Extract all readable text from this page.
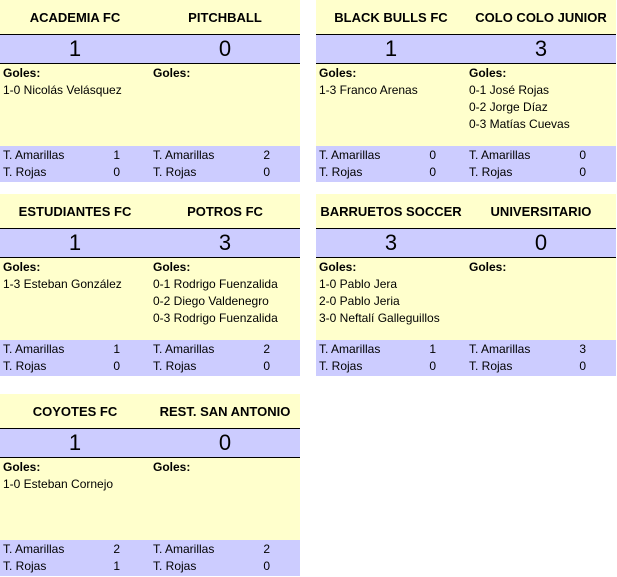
ACADEMIA FC	PITCHBALL
1	0
Goles:
1-0 Nicolás Velásquez
Goles:
T. Amarillas	1
T. Rojas	0
T. Amarillas	2
T. Rojas	0
BLACK BULLS FC	COLO COLO JUNIOR
1	3
Goles:
1-3 Franco Arenas
Goles:
0-1 José Rojas
0-2 Jorge Díaz
0-3 Matías Cuevas
T. Amarillas	0
T. Rojas	0
T. Amarillas	0
T. Rojas	0
ESTUDIANTES FC	POTROS FC
1	3
Goles:
1-3 Esteban González
Goles:
0-1 Rodrigo Fuenzalida
0-2 Diego Valdenegro
0-3 Rodrigo Fuenzalida
T. Amarillas	1
T. Rojas	0
T. Amarillas	2
T. Rojas	0
BARRUETOS SOCCER	UNIVERSITARIO
3	0
Goles:
1-0 Pablo Jera
2-0 Pablo Jeria
3-0 Neftalí Galleguillos
Goles:
T. Amarillas	1
T. Rojas	0
T. Amarillas	3
T. Rojas	0
COYOTES FC	REST. SAN ANTONIO
1	0
Goles:
1-0 Esteban Cornejo
Goles:
T. Amarillas	2
T. Rojas	1
T. Amarillas	2
T. Rojas	0
